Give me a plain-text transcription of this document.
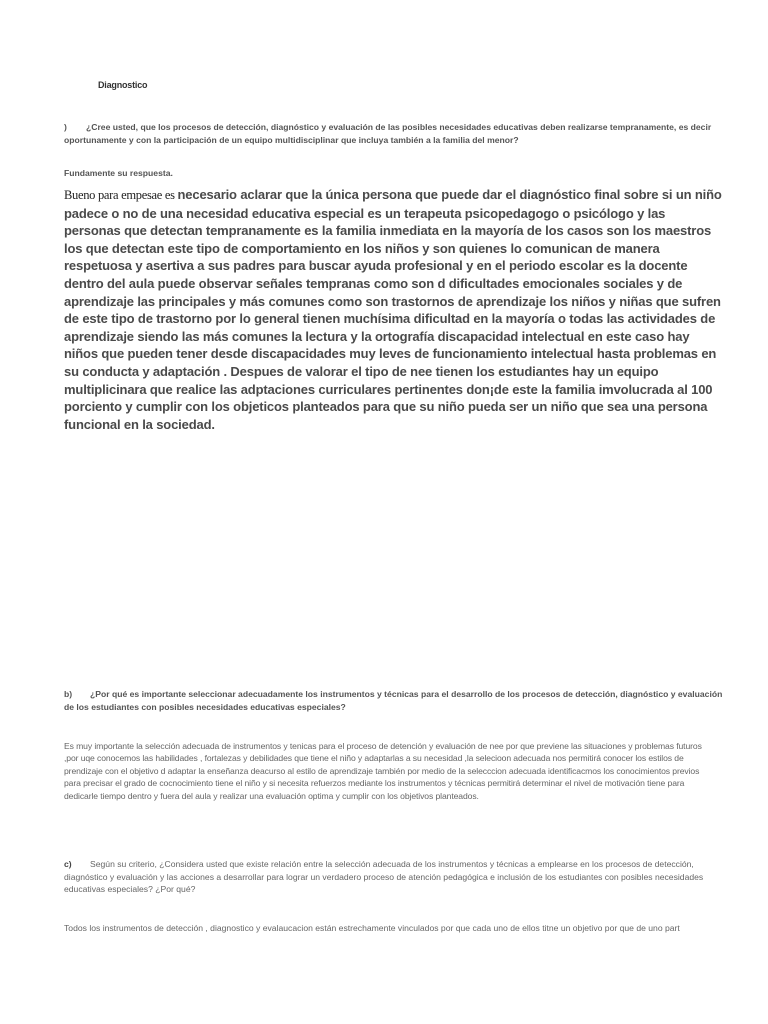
Diagnostico
) ¿Cree usted, que los procesos de detección, diagnóstico y evaluación de las posibles necesidades educativas deben realizarse tempranamente, es decir oportunamente y con la participación de un equipo multidisciplinar que incluya también a la familia del menor?
Fundamente su respuesta.
Bueno para empesae es necesario aclarar que la única persona que puede dar el diagnóstico final sobre si un niño padece o no de una necesidad educativa especial es un terapeuta psicopedagogo o psicólogo y las personas que detectan tempranamente es la familia inmediata en la mayoría de los casos son los maestros los que detectan este tipo de comportamiento en los niños y son quienes lo comunican de manera respetuosa y asertiva a sus padres para buscar ayuda profesional y en el periodo escolar es la docente dentro del aula puede observar señales tempranas como son d dificultades emocionales sociales y de aprendizaje las principales y más comunes como son trastornos de aprendizaje los niños y niñas que sufren de este tipo de trastorno por lo general tienen muchísima dificultad en la mayoría o todas las actividades de aprendizaje siendo las más comunes la lectura y la ortografía discapacidad intelectual en este caso hay niños que pueden tener desde discapacidades muy leves de funcionamiento intelectual hasta problemas en su conducta y adaptación . Despues de valorar el tipo de nee tienen los estudiantes hay un equipo multiplicinara que realice las adptaciones curriculares pertinentes don¡de este la familia imvolucrada al 100 porciento y cumplir con los objeticos planteados para que su niño pueda ser un niño que sea una persona funcional en la sociedad.
b) ¿Por qué es importante seleccionar adecuadamente los instrumentos y técnicas para el desarrollo de los procesos de detección, diagnóstico y evaluación de los estudiantes con posibles necesidades educativas especiales?
Es muy importante la selección adecuada de instrumentos y tenicas para el proceso de detención y evaluación de nee por que previene las situaciones y problemas futuros ,por uqe conocemos las habilidades , fortalezas y debilidades que tiene el niño y adaptarlas a su necesidad ,la selecioon adecuada nos permitirá conocer los estilos de prendizaje con el objetivo d adaptar la enseñanza deacurso al estilo de aprendizaje también por medio de la selecccion adecuada identificacmos los conocimientos previos para precisar el grado de cocnocimiento tiene el niño y si necesita refuerzos mediante los instrumentos y técnicas permitirá determinar el nivel de motivación tiene para dedicarle tiempo dentro y fuera del aula y realizar una evaluación optima y cumplir con los objetivos planteados.
c) Según su criterio, ¿Considera usted que existe relación entre la selección adecuada de los instrumentos y técnicas a emplearse en los procesos de detección, diagnóstico y evaluación y las acciones a desarrollar para lograr un verdadero proceso de atención pedagógica e inclusión de los estudiantes con posibles necesidades educativas especiales? ¿Por qué?
Todos los instrumentos de detección , diagnostico y evalaucacion están estrechamente vinculados por que cada uno de ellos titne un objetivo por que de uno part
